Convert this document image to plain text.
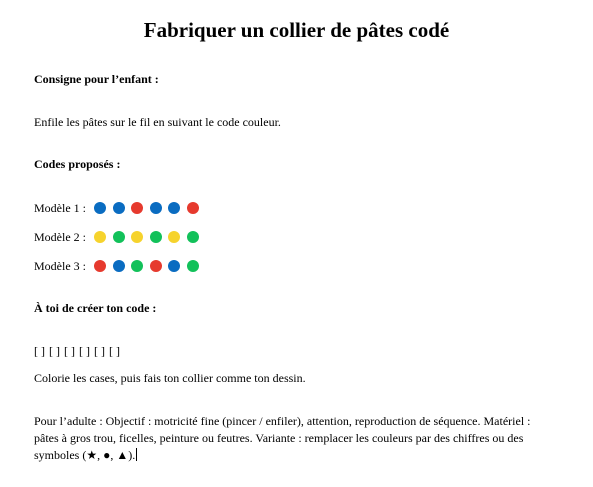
Fabriquer un collier de pâtes codé
Consigne pour l’enfant :
Enfile les pâtes sur le fil en suivant le code couleur.
Codes proposés :
Modèle 1 :
Modèle 2 :
Modèle 3 :
À toi de créer ton code :
[ ] [ ] [ ] [ ] [ ] [ ]
Colorie les cases, puis fais ton collier comme ton dessin.
Pour l’adulte : Objectif : motricité fine (pincer / enfiler), attention, reproduction de séquence. Matériel : pâtes à gros trou, ficelles, peinture ou feutres. Variante : remplacer les couleurs par des chiffres ou des symboles (★, ●, ▲).
